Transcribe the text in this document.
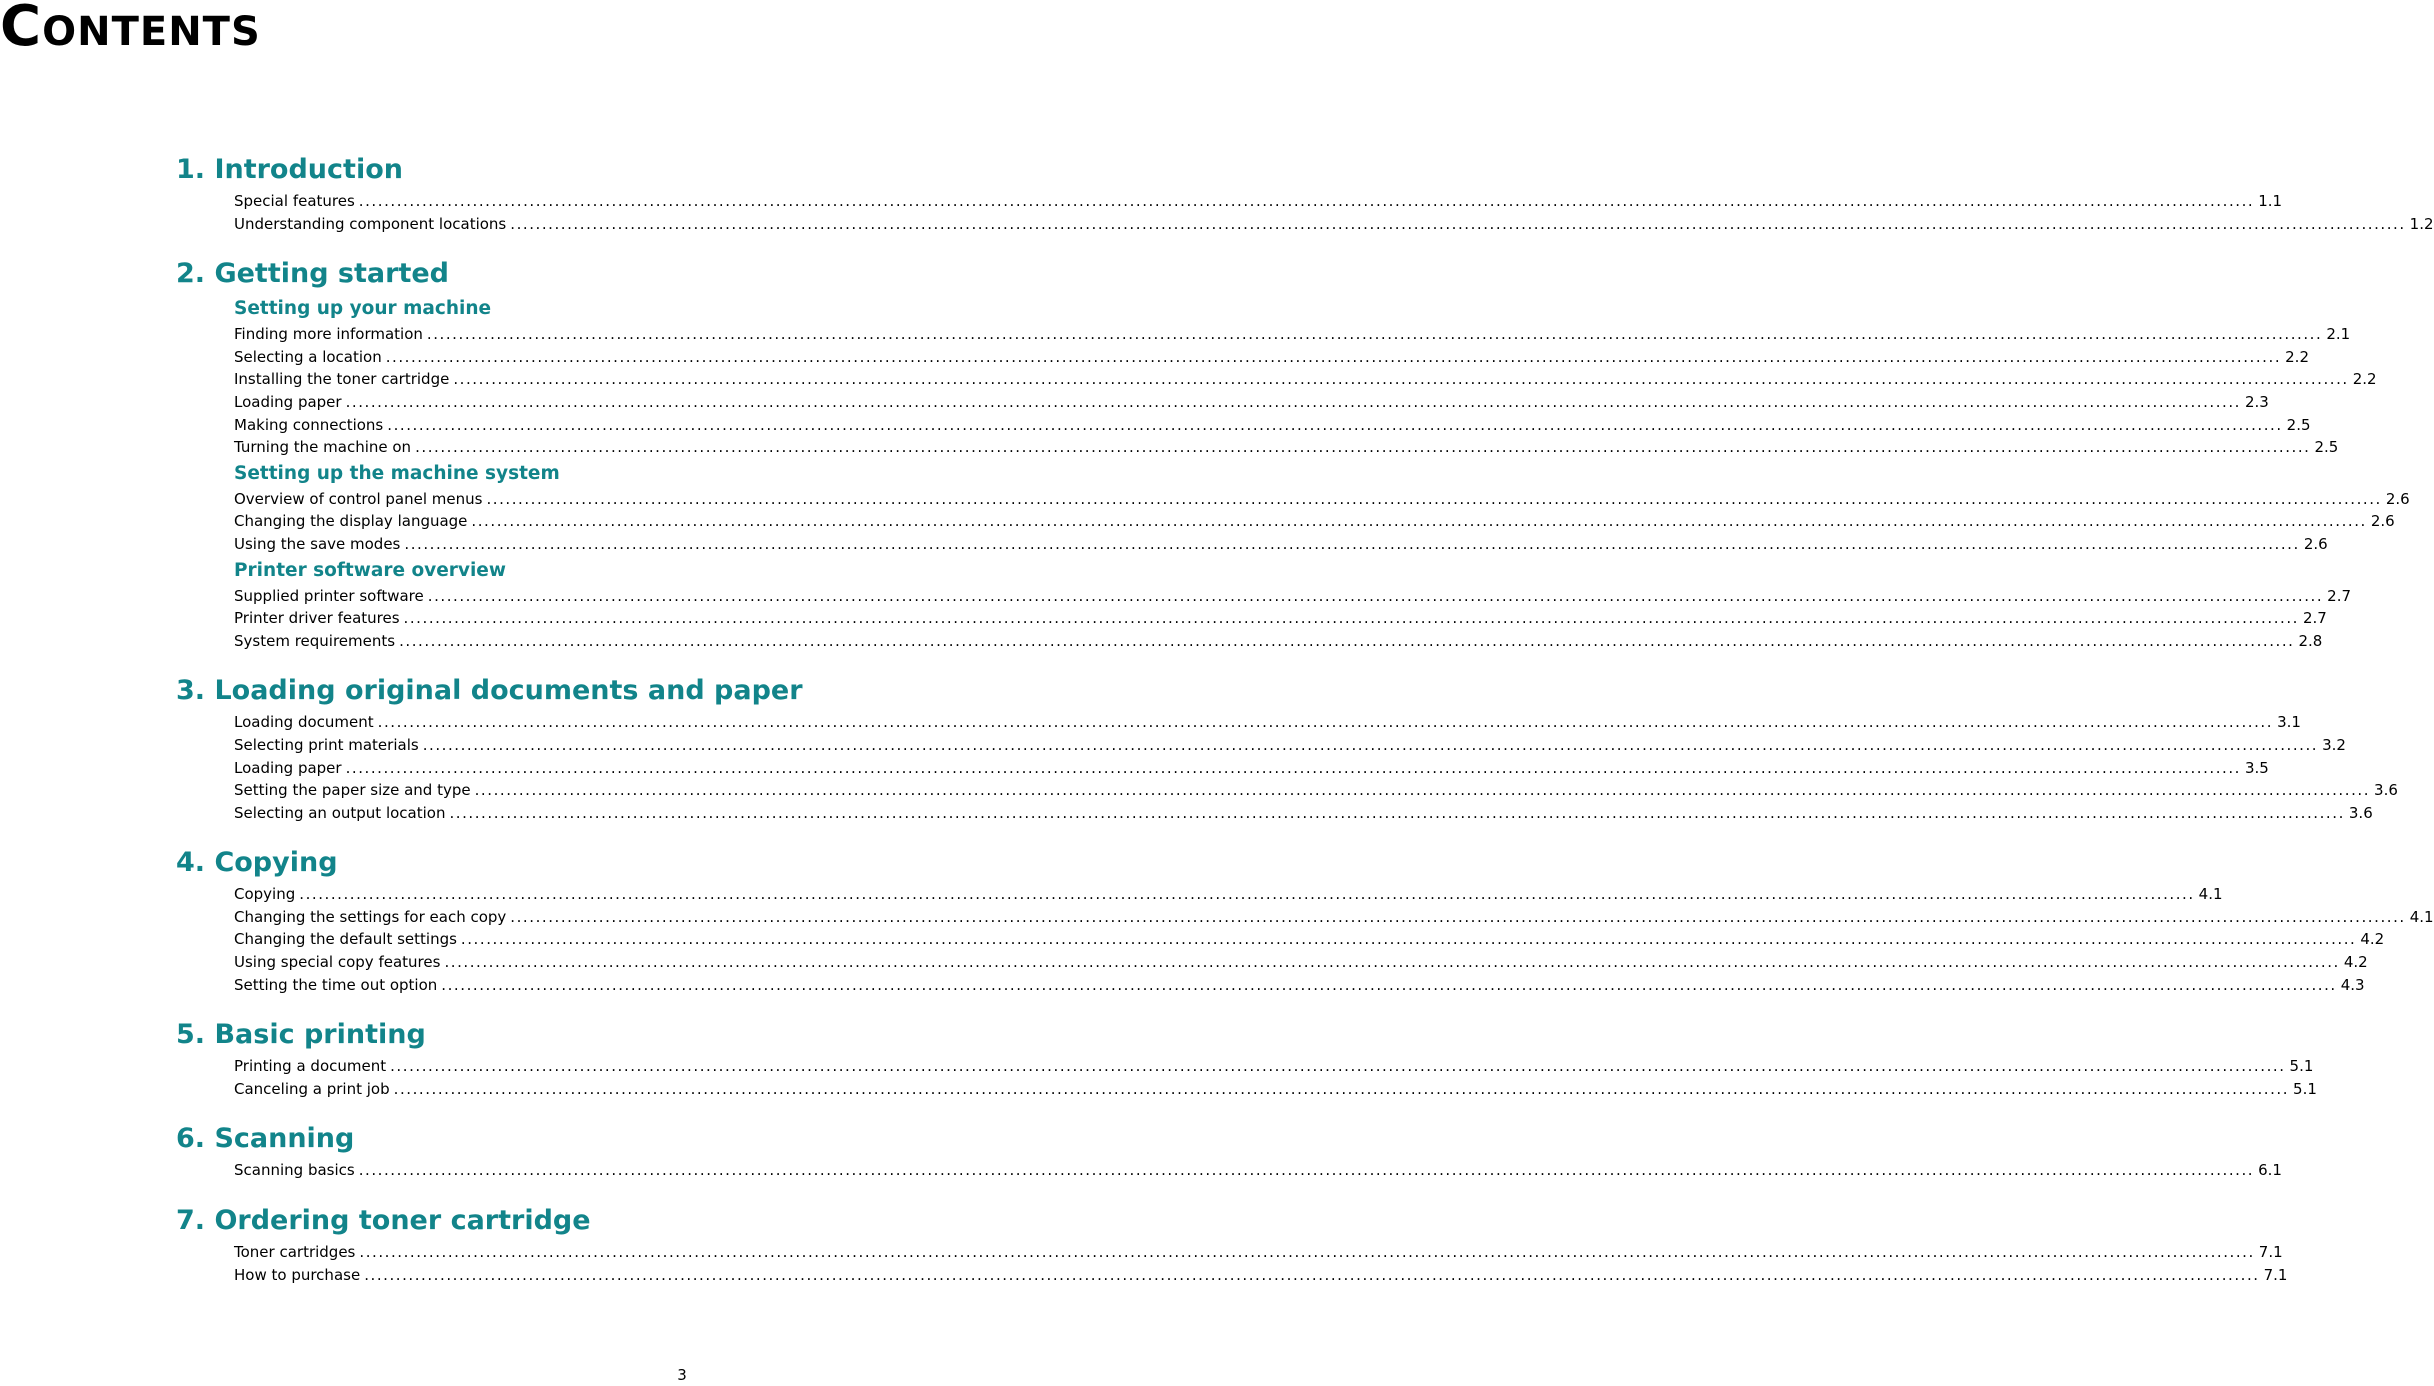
CONTENTS
1. Introduction
Special features ............................................................................................................................................................................................................................................................................................................ 1.1
Understanding component locations ............................................................................................................................................................................................................................................................................................................ 1.2
2. Getting started
Setting up your machine
Finding more information ............................................................................................................................................................................................................................................................................................................ 2.1
Selecting a location ............................................................................................................................................................................................................................................................................................................ 2.2
Installing the toner cartridge ............................................................................................................................................................................................................................................................................................................ 2.2
Loading paper ............................................................................................................................................................................................................................................................................................................ 2.3
Making connections ............................................................................................................................................................................................................................................................................................................ 2.5
Turning the machine on ............................................................................................................................................................................................................................................................................................................ 2.5
Setting up the machine system
Overview of control panel menus ............................................................................................................................................................................................................................................................................................................ 2.6
Changing the display language ............................................................................................................................................................................................................................................................................................................ 2.6
Using the save modes ............................................................................................................................................................................................................................................................................................................ 2.6
Printer software overview
Supplied printer software ............................................................................................................................................................................................................................................................................................................ 2.7
Printer driver features ............................................................................................................................................................................................................................................................................................................ 2.7
System requirements ............................................................................................................................................................................................................................................................................................................ 2.8
3. Loading original documents and paper
Loading document ............................................................................................................................................................................................................................................................................................................ 3.1
Selecting print materials ............................................................................................................................................................................................................................................................................................................ 3.2
Loading paper ............................................................................................................................................................................................................................................................................................................ 3.5
Setting the paper size and type ............................................................................................................................................................................................................................................................................................................ 3.6
Selecting an output location ............................................................................................................................................................................................................................................................................................................ 3.6
4. Copying
Copying ............................................................................................................................................................................................................................................................................................................ 4.1
Changing the settings for each copy ............................................................................................................................................................................................................................................................................................................ 4.1
Changing the default settings ............................................................................................................................................................................................................................................................................................................ 4.2
Using special copy features ............................................................................................................................................................................................................................................................................................................ 4.2
Setting the time out option ............................................................................................................................................................................................................................................................................................................ 4.3
5. Basic printing
Printing a document ............................................................................................................................................................................................................................................................................................................ 5.1
Canceling a print job ............................................................................................................................................................................................................................................................................................................ 5.1
6. Scanning
Scanning basics ............................................................................................................................................................................................................................................................................................................ 6.1
7. Ordering toner cartridge
Toner cartridges ............................................................................................................................................................................................................................................................................................................ 7.1
How to purchase ............................................................................................................................................................................................................................................................................................................ 7.1
3
